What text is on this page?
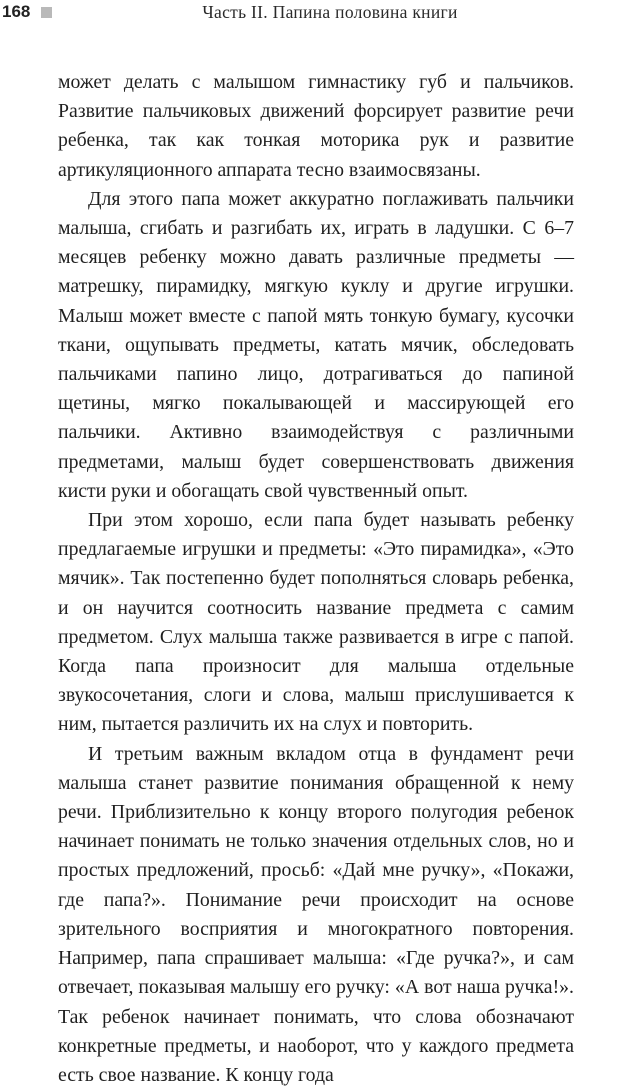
168	Часть II. Папина половина книги

может делать с малышом гимнастику губ и пальчиков. Развитие пальчиковых движений форсирует развитие речи ребенка, так как тонкая моторика рук и развитие артикуляционного аппарата тесно взаимосвязаны.

Для этого папа может аккуратно поглаживать пальчики малыша, сгибать и разгибать их, играть в ладушки. С 6–7 месяцев ребенку можно давать различные предметы — матрешку, пирамидку, мягкую куклу и другие игрушки. Малыш может вместе с папой мять тонкую бумагу, кусочки ткани, ощупывать предметы, катать мячик, обследовать пальчиками папино лицо, дотрагиваться до папиной щетины, мягко покалывающей и массирующей его пальчики. Активно взаимодействуя с различными предметами, малыш будет совершенствовать движения кисти руки и обогащать свой чувственный опыт.

При этом хорошо, если папа будет называть ребенку предлагаемые игрушки и предметы: «Это пирамидка», «Это мячик». Так постепенно будет пополняться словарь ребенка, и он научится соотносить название предмета с самим предметом. Слух малыша также развивается в игре с папой. Когда папа произносит для малыша отдельные звукосочетания, слоги и слова, малыш прислушивается к ним, пытается различить их на слух и повторить.

И третьим важным вкладом отца в фундамент речи малыша станет развитие понимания обращенной к нему речи. Приблизительно к концу второго полугодия ребенок начинает понимать не только значения отдельных слов, но и простых предложений, просьб: «Дай мне ручку», «Покажи, где папа?». Понимание речи происходит на основе зрительного восприятия и многократного повторения. Например, папа спрашивает малыша: «Где ручка?», и сам отвечает, показывая малышу его ручку: «А вот наша ручка!». Так ребенок начинает понимать, что слова обозначают конкретные предметы, и наоборот, что у каждого предмета есть свое название. К концу года
